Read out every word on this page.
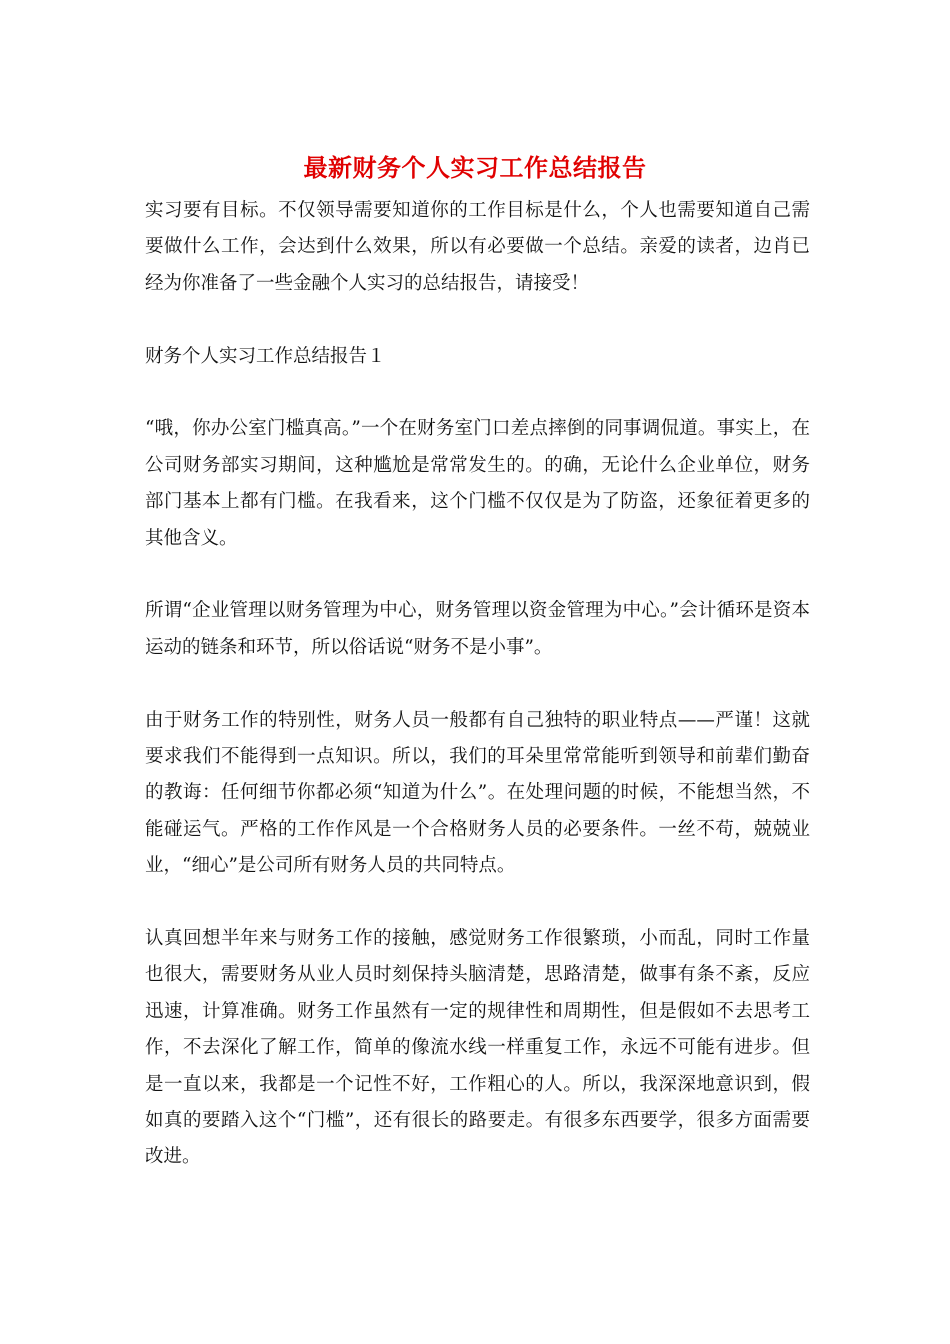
最新财务个人实习工作总结报告

实习要有目标。不仅领导需要知道你的工作目标是什么，个人也需要知道自己需要做什么工作，会达到什么效果，所以有必要做一个总结。亲爱的读者，边肖已经为你准备了一些金融个人实习的总结报告，请接受！

财务个人实习工作总结报告１

“哦，你办公室门槛真高。”一个在财务室门口差点摔倒的同事调侃道。事实上，在公司财务部实习期间，这种尴尬是常常发生的。的确，无论什么企业单位，财务部门基本上都有门槛。在我看来，这个门槛不仅仅是为了防盗，还象征着更多的其他含义。

所谓“企业管理以财务管理为中心，财务管理以资金管理为中心。”会计循环是资本运动的链条和环节，所以俗话说“财务不是小事”。

由于财务工作的特别性，财务人员一般都有自己独特的职业特点——严谨！这就要求我们不能得到一点知识。所以，我们的耳朵里常常能听到领导和前辈们勤奋的教诲：任何细节你都必须“知道为什么”。在处理问题的时候，不能想当然，不能碰运气。严格的工作作风是一个合格财务人员的必要条件。一丝不苟，兢兢业业，“细心”是公司所有财务人员的共同特点。

认真回想半年来与财务工作的接触，感觉财务工作很繁琐，小而乱，同时工作量也很大，需要财务从业人员时刻保持头脑清楚，思路清楚，做事有条不紊，反应迅速，计算准确。财务工作虽然有一定的规律性和周期性，但是假如不去思考工作，不去深化了解工作，简单的像流水线一样重复工作，永远不可能有进步。但是一直以来，我都是一个记性不好，工作粗心的人。所以，我深深地意识到，假如真的要踏入这个“门槛”，还有很长的路要走。有很多东西要学，很多方面需要改进。
